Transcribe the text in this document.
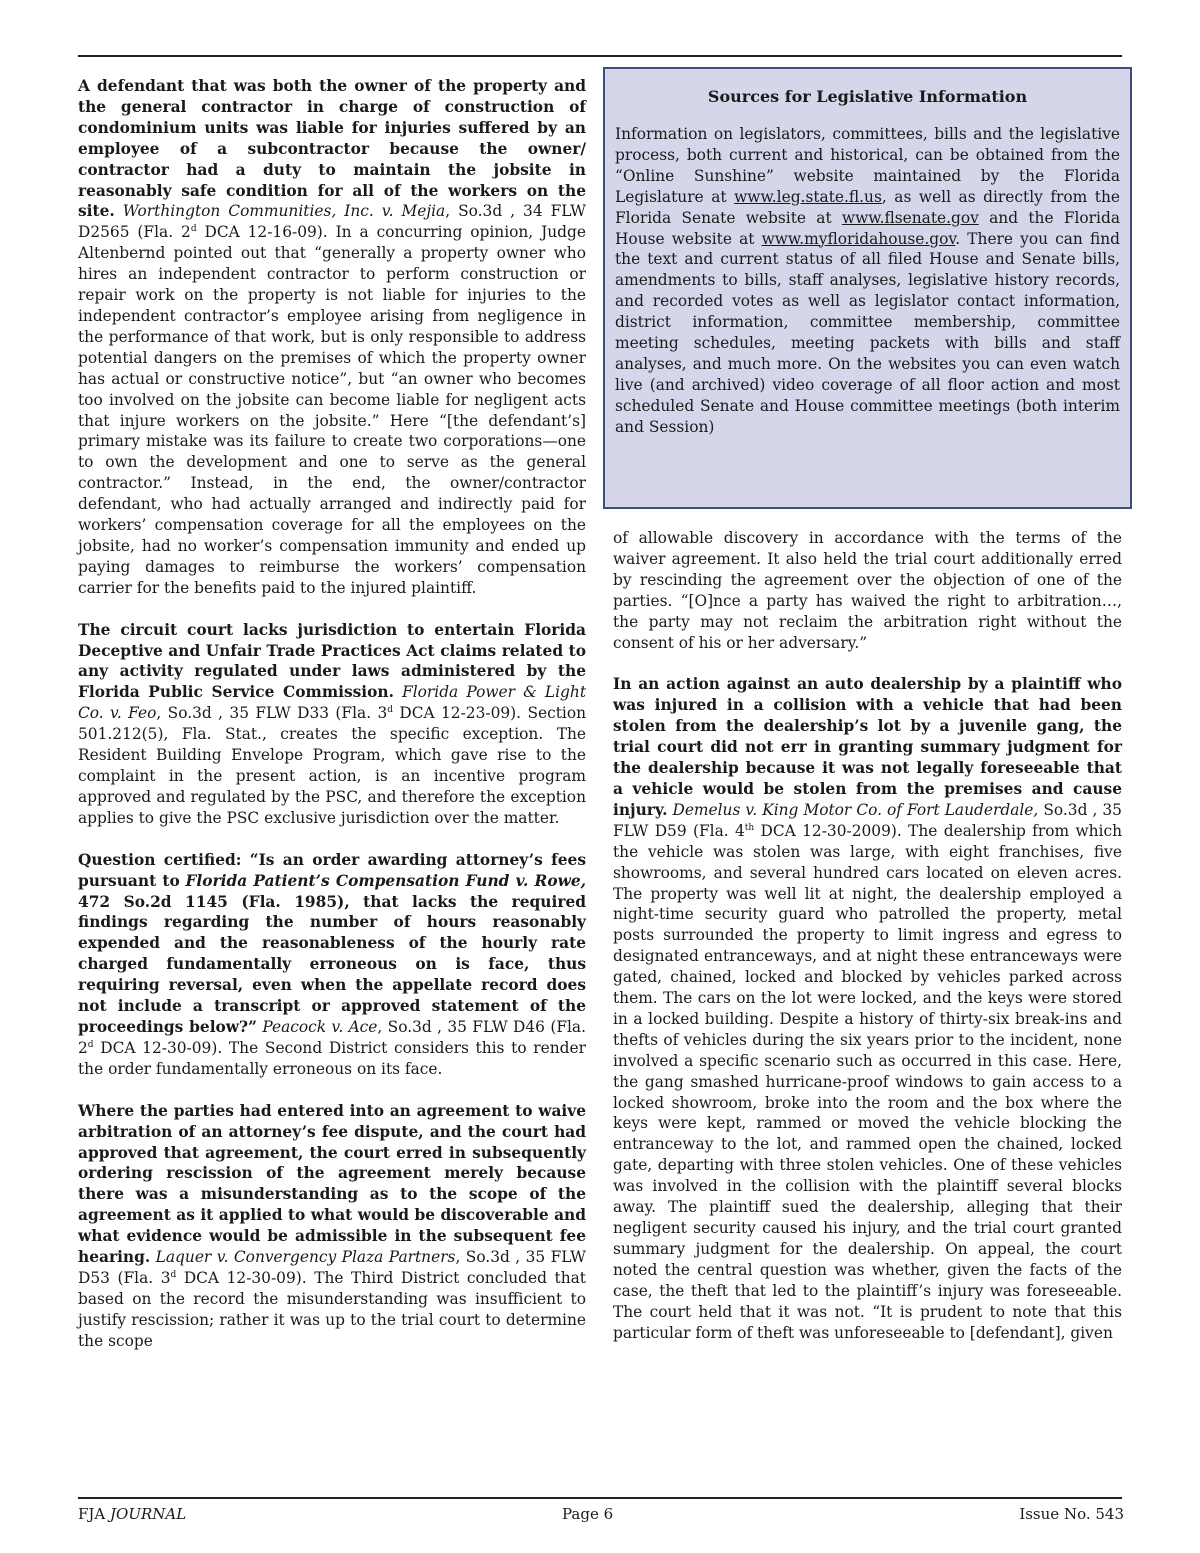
A defendant that was both the owner of the property and the general contractor in charge of construction of condominium units was liable for injuries suffered by an employee of a subcontractor because the owner/ contractor had a duty to maintain the jobsite in reasonably safe condition for all of the workers on the site. Worthington Communities, Inc. v. Mejia, So.3d , 34 FLW D2565 (Fla. 2$^d$ DCA 12-16-09). In a concurring opinion, Judge Altenbernd pointed out that “generally a property owner who hires an independent contractor to perform construction or repair work on the property is not liable for injuries to the independent contractor’s employee arising from negligence in the performance of that work, but is only responsible to address potential dangers on the premises of which the property owner has actual or constructive notice”, but “an owner who becomes too involved on the jobsite can become liable for negligent acts that injure workers on the jobsite.” Here “[the defendant’s] primary mistake was its failure to create two corporations—one to own the development and one to serve as the general contractor.” Instead, in the end, the owner/contractor defendant, who had actually arranged and indirectly paid for workers’ compensation coverage for all the employees on the jobsite, had no worker’s compensation immunity and ended up paying damages to reimburse the workers’ compensation carrier for the benefits paid to the injured plaintiff.

The circuit court lacks jurisdiction to entertain Florida Deceptive and Unfair Trade Practices Act claims related to any activity regulated under laws administered by the Florida Public Service Commission. Florida Power & Light Co. v. Feo, So.3d , 35 FLW D33 (Fla. 3$^d$ DCA 12-23-09). Section 501.212(5), Fla. Stat., creates the specific exception. The Resident Building Envelope Program, which gave rise to the complaint in the present action, is an incentive program approved and regulated by the PSC, and therefore the exception applies to give the PSC exclusive jurisdiction over the matter.

Question certified: “Is an order awarding attorney’s fees pursuant to Florida Patient’s Compensation Fund v. Rowe, 472 So.2d 1145 (Fla. 1985), that lacks the required findings regarding the number of hours reasonably expended and the reasonableness of the hourly rate charged fundamentally erroneous on is face, thus requiring reversal, even when the appellate record does not include a transcript or approved statement of the proceedings below?” Peacock v. Ace, So.3d , 35 FLW D46 (Fla. 2$^d$ DCA 12-30-09). The Second District considers this to render the order fundamentally erroneous on its face.

Where the parties had entered into an agreement to waive arbitration of an attorney’s fee dispute, and the court had approved that agreement, the court erred in subsequently ordering rescission of the agreement merely because there was a misunderstanding as to the scope of the agreement as it applied to what would be discoverable and what evidence would be admissible in the subsequent fee hearing. Laquer v. Convergency Plaza Partners, So.3d , 35 FLW D53 (Fla. 3$^d$ DCA 12-30-09). The Third District concluded that based on the record the misunderstanding was insufficient to justify rescission; rather it was up to the trial court to determine the scope

Sources for Legislative Information
Information on legislators, committees, bills and the legislative process, both current and historical, can be obtained from the “Online Sunshine” website maintained by the Florida Legislature at www.leg.state.fl.us, as well as directly from the Florida Senate website at www.flsenate.gov and the Florida House website at www.myfloridahouse.gov. There you can find the text and current status of all filed House and Senate bills, amendments to bills, staff analyses, legislative history records, and recorded votes as well as legislator contact information, district information, committee membership, committee meeting schedules, meeting packets with bills and staff analyses, and much more. On the websites you can even watch live (and archived) video coverage of all floor action and most scheduled Senate and House committee meetings (both interim and Session)

of allowable discovery in accordance with the terms of the waiver agreement. It also held the trial court additionally erred by rescinding the agreement over the objection of one of the parties. “[O]nce a party has waived the right to arbitration…, the party may not reclaim the arbitration right without the consent of his or her adversary.”

In an action against an auto dealership by a plaintiff who was injured in a collision with a vehicle that had been stolen from the dealership’s lot by a juvenile gang, the trial court did not err in granting summary judgment for the dealership because it was not legally foreseeable that a vehicle would be stolen from the premises and cause injury. Demelus v. King Motor Co. of Fort Lauderdale, So.3d , 35 FLW D59 (Fla. 4th DCA 12-30-2009). The dealership from which the vehicle was stolen was large, with eight franchises, five showrooms, and several hundred cars located on eleven acres. The property was well lit at night, the dealership employed a night-time security guard who patrolled the property, metal posts surrounded the property to limit ingress and egress to designated entranceways, and at night these entranceways were gated, chained, locked and blocked by vehicles parked across them. The cars on the lot were locked, and the keys were stored in a locked building. Despite a history of thirty-six break-ins and thefts of vehicles during the six years prior to the incident, none involved a specific scenario such as occurred in this case. Here, the gang smashed hurricane-proof windows to gain access to a locked showroom, broke into the room and the box where the keys were kept, rammed or moved the vehicle blocking the entranceway to the lot, and rammed open the chained, locked gate, departing with three stolen vehicles. One of these vehicles was involved in the collision with the plaintiff several blocks away. The plaintiff sued the dealership, alleging that their negligent security caused his injury, and the trial court granted summary judgment for the dealership. On appeal, the court noted the central question was whether, given the facts of the case, the theft that led to the plaintiff’s injury was foreseeable. The court held that it was not. “It is prudent to note that this particular form of theft was unforeseeable to [defendant], given

FJA JOURNAL	Page 6	Issue No. 543
